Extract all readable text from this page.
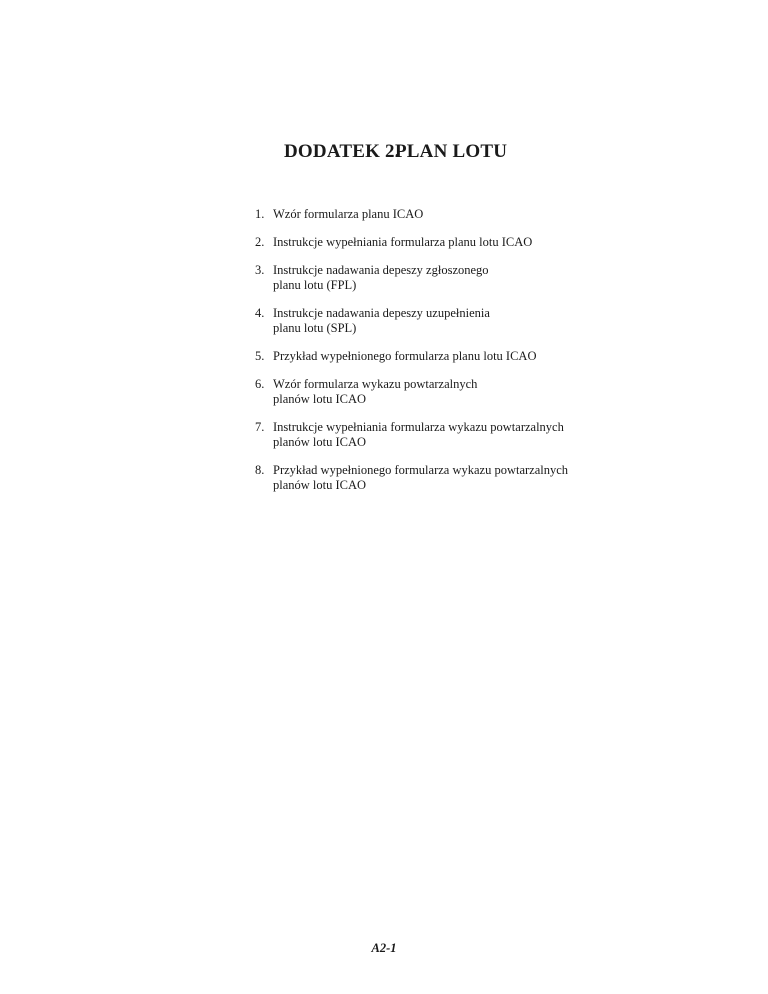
DODATEK 2.
PLAN LOTU
1. Wzór formularza planu ICAO
2. Instrukcje wypełniania formularza planu lotu ICAO
3. Instrukcje nadawania depeszy zgłoszonego
planu lotu (FPL)
4. Instrukcje nadawania depeszy uzupełnienia
planu lotu (SPL)
5. Przykład wypełnionego formularza planu lotu ICAO
6. Wzór formularza wykazu powtarzalnych
planów lotu ICAO
7. Instrukcje wypełniania formularza wykazu powtarzalnych
planów lotu ICAO
8. Przykład wypełnionego formularza wykazu powtarzalnych
planów lotu ICAO
A2-1
